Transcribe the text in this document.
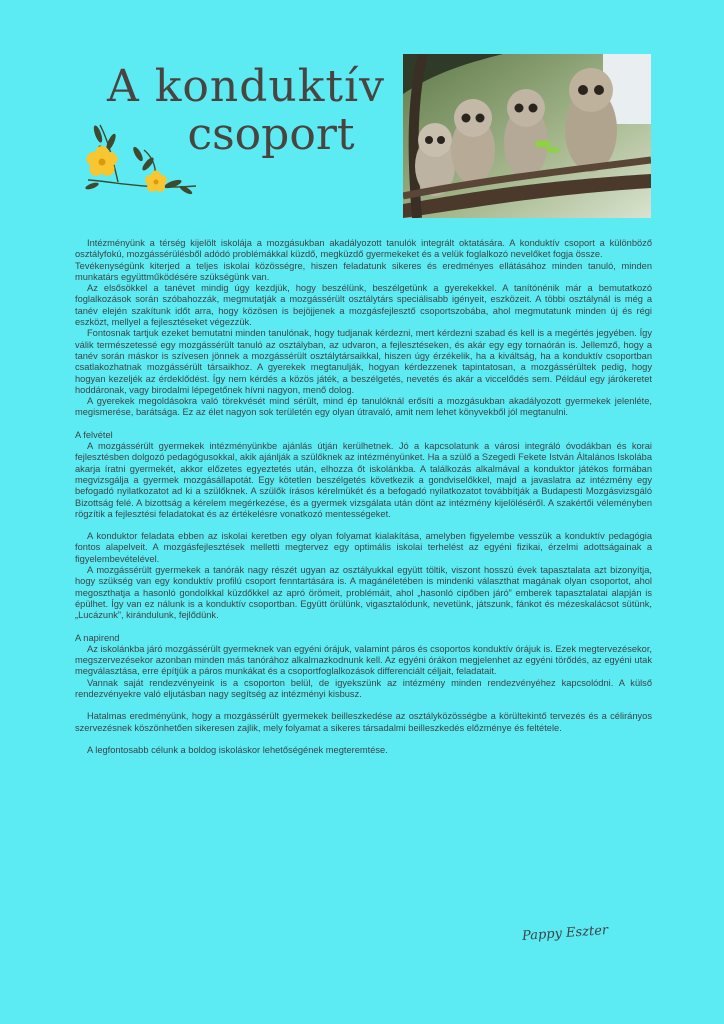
A konduktív
csoport

Intézményünk a térség kijelölt iskolája a mozgásukban akadályozott tanulók integrált oktatására. A konduktív csoport a különböző osztályfokú, mozgássérülésből adódó problémákkal küzdő, megküzdő gyermekeket és a velük foglalkozó nevelőket fogja össze.

Tevékenységünk kiterjed a teljes iskolai közösségre, hiszen feladatunk sikeres és eredményes ellátásához minden tanuló, minden munkatárs együttműködésére szükségünk van.

Az elsősökkel a tanévet mindig úgy kezdjük, hogy beszélünk, beszélgetünk a gyerekekkel. A tanítónénik már a bemutatkozó foglalkozások során szóbahozzák, megmutatják a mozgássérült osztálytárs speciálisabb igényeit, eszközeit. A többi osztálynál is még a tanév elején szakítunk időt arra, hogy közösen is bejöjjenek a mozgásfejlesztő csoportszobába, ahol megmutatunk minden új és régi eszközt, mellyel a fejlesztéseket végezzük.

Fontosnak tartjuk ezeket bemutatni minden tanulónak, hogy tudjanak kérdezni, mert kérdezni szabad és kell is a megértés jegyében. Így válik természetessé egy mozgássérült tanuló az osztályban, az udvaron, a fejlesztéseken, és akár egy egy tornaórán is. Jellemző, hogy a tanév során máskor is szívesen jönnek a mozgássérült osztálytársaikkal, hiszen úgy érzékelik, ha a kiváltság, ha a konduktív csoportban csatlakozhatnak mozgássérült társaikhoz. A gyerekek megtanulják, hogyan kérdezzenek tapintatosan, a mozgássérültek pedig, hogy hogyan kezeljék az érdeklődést. Így nem kérdés a közös játék, a beszélgetés, nevetés és akár a viccelődés sem. Például egy járókeretet hoddáronak, vagy birodalmi lépegetőnek hívni nagyon, menő dolog.

A gyerekek megoldásokra való törekvését mind sérült, mind ép tanulóknál erősíti a mozgásukban akadályozott gyermekek jelenléte, megismerése, barátsága. Ez az élet nagyon sok területén egy olyan útravaló, amit nem lehet könyvekből jól megtanulni.

A felvétel

A mozgássérült gyermekek intézményünkbe ajánlás útján kerülhetnek. Jó a kapcsolatunk a városi integráló óvodákban és korai fejlesztésben dolgozó pedagógusokkal, akik ajánlják a szülőknek az intézményünket. Ha a szülő a Szegedi Fekete István Általános Iskolába akarja íratni gyermekét, akkor előzetes egyeztetés után, elhozza őt iskolánkba. A találkozás alkalmával a konduktor játékos formában megvizsgálja a gyermek mozgásállapotát. Egy kötetlen beszélgetés következik a gondviselőkkel, majd a javaslatra az intézmény egy befogadó nyilatkozatot ad ki a szülőknek. A szülők írásos kérelmükét és a befogadó nyilatkozatot továbbítják a Budapesti Mozgásvizsgáló Bizottság felé. A bizottság a kérelem megérkezése, és a gyermek vizsgálata után dönt az intézmény kijelöléséről. A szakértői véleményben rögzítik a fejlesztési feladatokat és az értékelésre vonatkozó mentességeket.

A konduktor feladata ebben az iskolai keretben egy olyan folyamat kialakítása, amelyben figyelembe vesszük a konduktív pedagógia fontos alapelveit. A mozgásfejlesztések melletti megtervez egy optimális iskolai terhelést az egyéni fizikai, érzelmi adottságainak a figyelembevételével.

A mozgássérült gyermekek a tanórák nagy részét ugyan az osztályukkal együtt töltik, viszont hosszú évek tapasztalata azt bizonyítja, hogy szükség van egy konduktív profilú csoport fenntartására is. A magánéletében is mindenki választhat magának olyan csoportot, ahol megoszthatja a hasonló gondolkkal küzdőkkel az apró örömeit, problémáit, ahol „hasonló cipőben járó” emberek tapasztalatai alapján is épülhet. Így van ez nálunk is a konduktív csoportban. Együtt örülünk, vigasztalódunk, nevetünk, játszunk, fánkot és mézeskalácsot sütünk, „Lucázunk”, kirándulunk, fejlődünk.

A napirend

Az iskolánkba járó mozgássérült gyermeknek van egyéni órájuk, valamint páros és csoportos konduktív órájuk is. Ezek megtervezésekor, megszervezésekor azonban minden más tanórához alkalmazkodnunk kell. Az egyéni órákon megjelenhet az egyéni törődés, az egyéni utak megválasztása, erre építjük a páros munkákat és a csoportfoglalkozások differenciált céljait, feladatait.

Vannak saját rendezvényeink is a csoporton belül, de igyekszünk az intézmény minden rendezvényéhez kapcsolódni. A külső rendezvényekre való eljutásban nagy segítség az intézményi kisbusz.

Hatalmas eredményünk, hogy a mozgássérült gyermekek beilleszkedése az osztályközösségbe a körültekintő tervezés és a célirányos szervezésnek köszönhetően sikeresen zajlik, mely folyamat a sikeres társadalmi beilleszkedés előzménye és feltétele.

A legfontosabb célunk a boldog iskoláskor lehetőségének megteremtése.

Pappy Eszter
